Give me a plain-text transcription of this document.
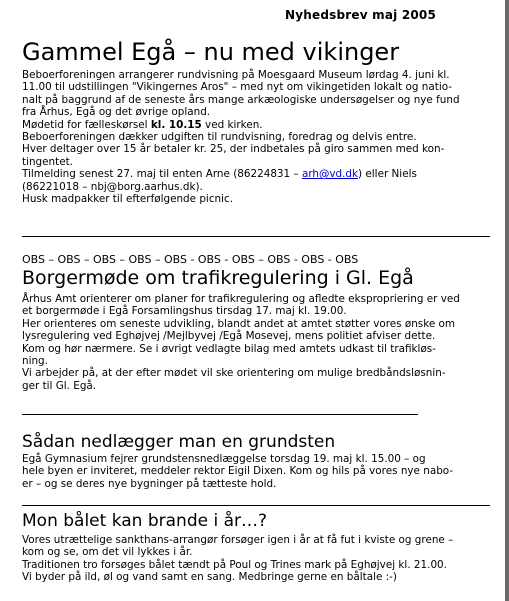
Nyhedsbrev maj 2005
Gammel Egå – nu med vikinger
Beboerforeningen arrangerer rundvisning på Moesgaard Museum lørdag 4. juni kl.
11.00 til udstillingen "Vikingernes Aros" – med nyt om vikingetiden lokalt og natio-
nalt på baggrund af de seneste års mange arkæologiske undersøgelser og nye fund
fra Århus, Egå og det øvrige opland.
Mødetid for fælleskørsel kl. 10.15 ved kirken.
Beboerforeningen dækker udgiften til rundvisning, foredrag og delvis entre.
Hver deltager over 15 år betaler kr. 25, der indbetales på giro sammen med kon-
tingentet.
Tilmelding senest 27. maj til enten Arne (86224831 – arh@vd.dk) eller Niels
(86221018 – nbj@borg.aarhus.dk).
Husk madpakker til efterfølgende picnic.
OBS – OBS – OBS – OBS – OBS - OBS - OBS – OBS - OBS - OBS
Borgermøde om trafikregulering i Gl. Egå
Århus Amt orienterer om planer for trafikregulering og afledte ekspropriering er ved
et borgermøde i Egå Forsamlingshus tirsdag 17. maj kl. 19.00.
Her orienteres om seneste udvikling, blandt andet at amtet støtter vores ønske om
lysregulering ved Eghøjvej /Mejlbyvej /Egå Mosevej, mens politiet afviser dette.
Kom og hør nærmere. Se i øvrigt vedlagte bilag med amtets udkast til trafikløs-
ning.
Vi arbejder på, at der efter mødet vil ske orientering om mulige bredbåndsløsnin-
ger til Gl. Egå.
Sådan nedlægger man en grundsten
Egå Gymnasium fejrer grundstensnedlæggelse torsdag 19. maj kl. 15.00 – og
hele byen er inviteret, meddeler rektor Eigil Dixen. Kom og hils på vores nye nabo-
er – og se deres nye bygninger på tætteste hold.
Mon bålet kan brande i år…?
Vores utrættelige sankthans-arrangør forsøger igen i år at få fut i kviste og grene –
kom og se, om det vil lykkes i år.
Traditionen tro forsøges bålet tændt på Poul og Trines mark på Eghøjvej kl. 21.00.
Vi byder på ild, øl og vand samt en sang. Medbringe gerne en båltale :-)
